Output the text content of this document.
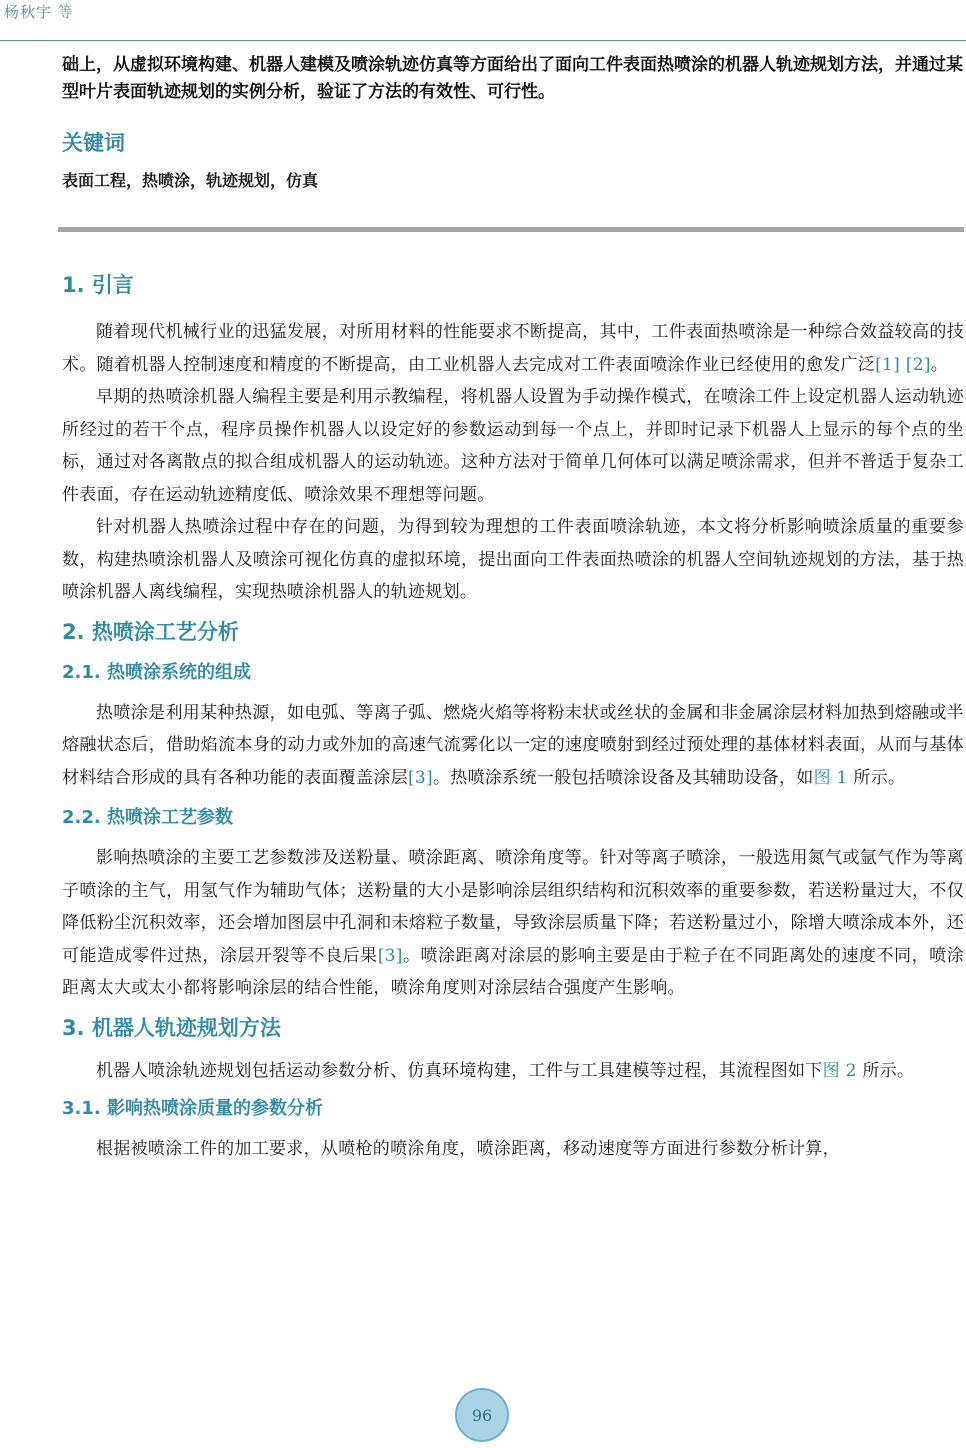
杨秋宇 等

础上，从虚拟环境构建、机器人建模及喷涂轨迹仿真等方面给出了面向工件表面热喷涂的机器人轨迹规划方法，并通过某型叶片表面轨迹规划的实例分析，验证了方法的有效性、可行性。

关键词
表面工程，热喷涂，轨迹规划，仿真
1. 引言

随着现代机械行业的迅猛发展，对所用材料的性能要求不断提高，其中，工件表面热喷涂是一种综合效益较高的技术。随着机器人控制速度和精度的不断提高，由工业机器人去完成对工件表面喷涂作业已经使用的愈发广泛[1] [2]。

早期的热喷涂机器人编程主要是利用示教编程，将机器人设置为手动操作模式，在喷涂工件上设定机器人运动轨迹所经过的若干个点，程序员操作机器人以设定好的参数运动到每一个点上，并即时记录下机器人上显示的每个点的坐标，通过对各离散点的拟合组成机器人的运动轨迹。这种方法对于简单几何体可以满足喷涂需求，但并不普适于复杂工件表面，存在运动轨迹精度低、喷涂效果不理想等问题。

针对机器人热喷涂过程中存在的问题，为得到较为理想的工件表面喷涂轨迹，本文将分析影响喷涂质量的重要参数，构建热喷涂机器人及喷涂可视化仿真的虚拟环境，提出面向工件表面热喷涂的机器人空间轨迹规划的方法，基于热喷涂机器人离线编程，实现热喷涂机器人的轨迹规划。

2. 热喷涂工艺分析
2.1. 热喷涂系统的组成

热喷涂是利用某种热源，如电弧、等离子弧、燃烧火焰等将粉末状或丝状的金属和非金属涂层材料加热到熔融或半熔融状态后，借助焰流本身的动力或外加的高速气流雾化以一定的速度喷射到经过预处理的基体材料表面，从而与基体材料结合形成的具有各种功能的表面覆盖涂层[3]。热喷涂系统一般包括喷涂设备及其辅助设备，如图 1 所示。

2.2. 热喷涂工艺参数

影响热喷涂的主要工艺参数涉及送粉量、喷涂距离、喷涂角度等。针对等离子喷涂，一般选用氮气或氩气作为等离子喷涂的主气，用氢气作为辅助气体；送粉量的大小是影响涂层组织结构和沉积效率的重要参数，若送粉量过大，不仅降低粉尘沉积效率，还会增加图层中孔洞和未熔粒子数量，导致涂层质量下降；若送粉量过小，除增大喷涂成本外，还可能造成零件过热，涂层开裂等不良后果[3]。喷涂距离对涂层的影响主要是由于粒子在不同距离处的速度不同，喷涂距离太大或太小都将影响涂层的结合性能，喷涂角度则对涂层结合强度产生影响。

3. 机器人轨迹规划方法

机器人喷涂轨迹规划包括运动参数分析、仿真环境构建，工件与工具建模等过程，其流程图如下图 2 所示。

3.1. 影响热喷涂质量的参数分析

根据被喷涂工件的加工要求，从喷枪的喷涂角度，喷涂距离，移动速度等方面进行参数分析计算，

96
